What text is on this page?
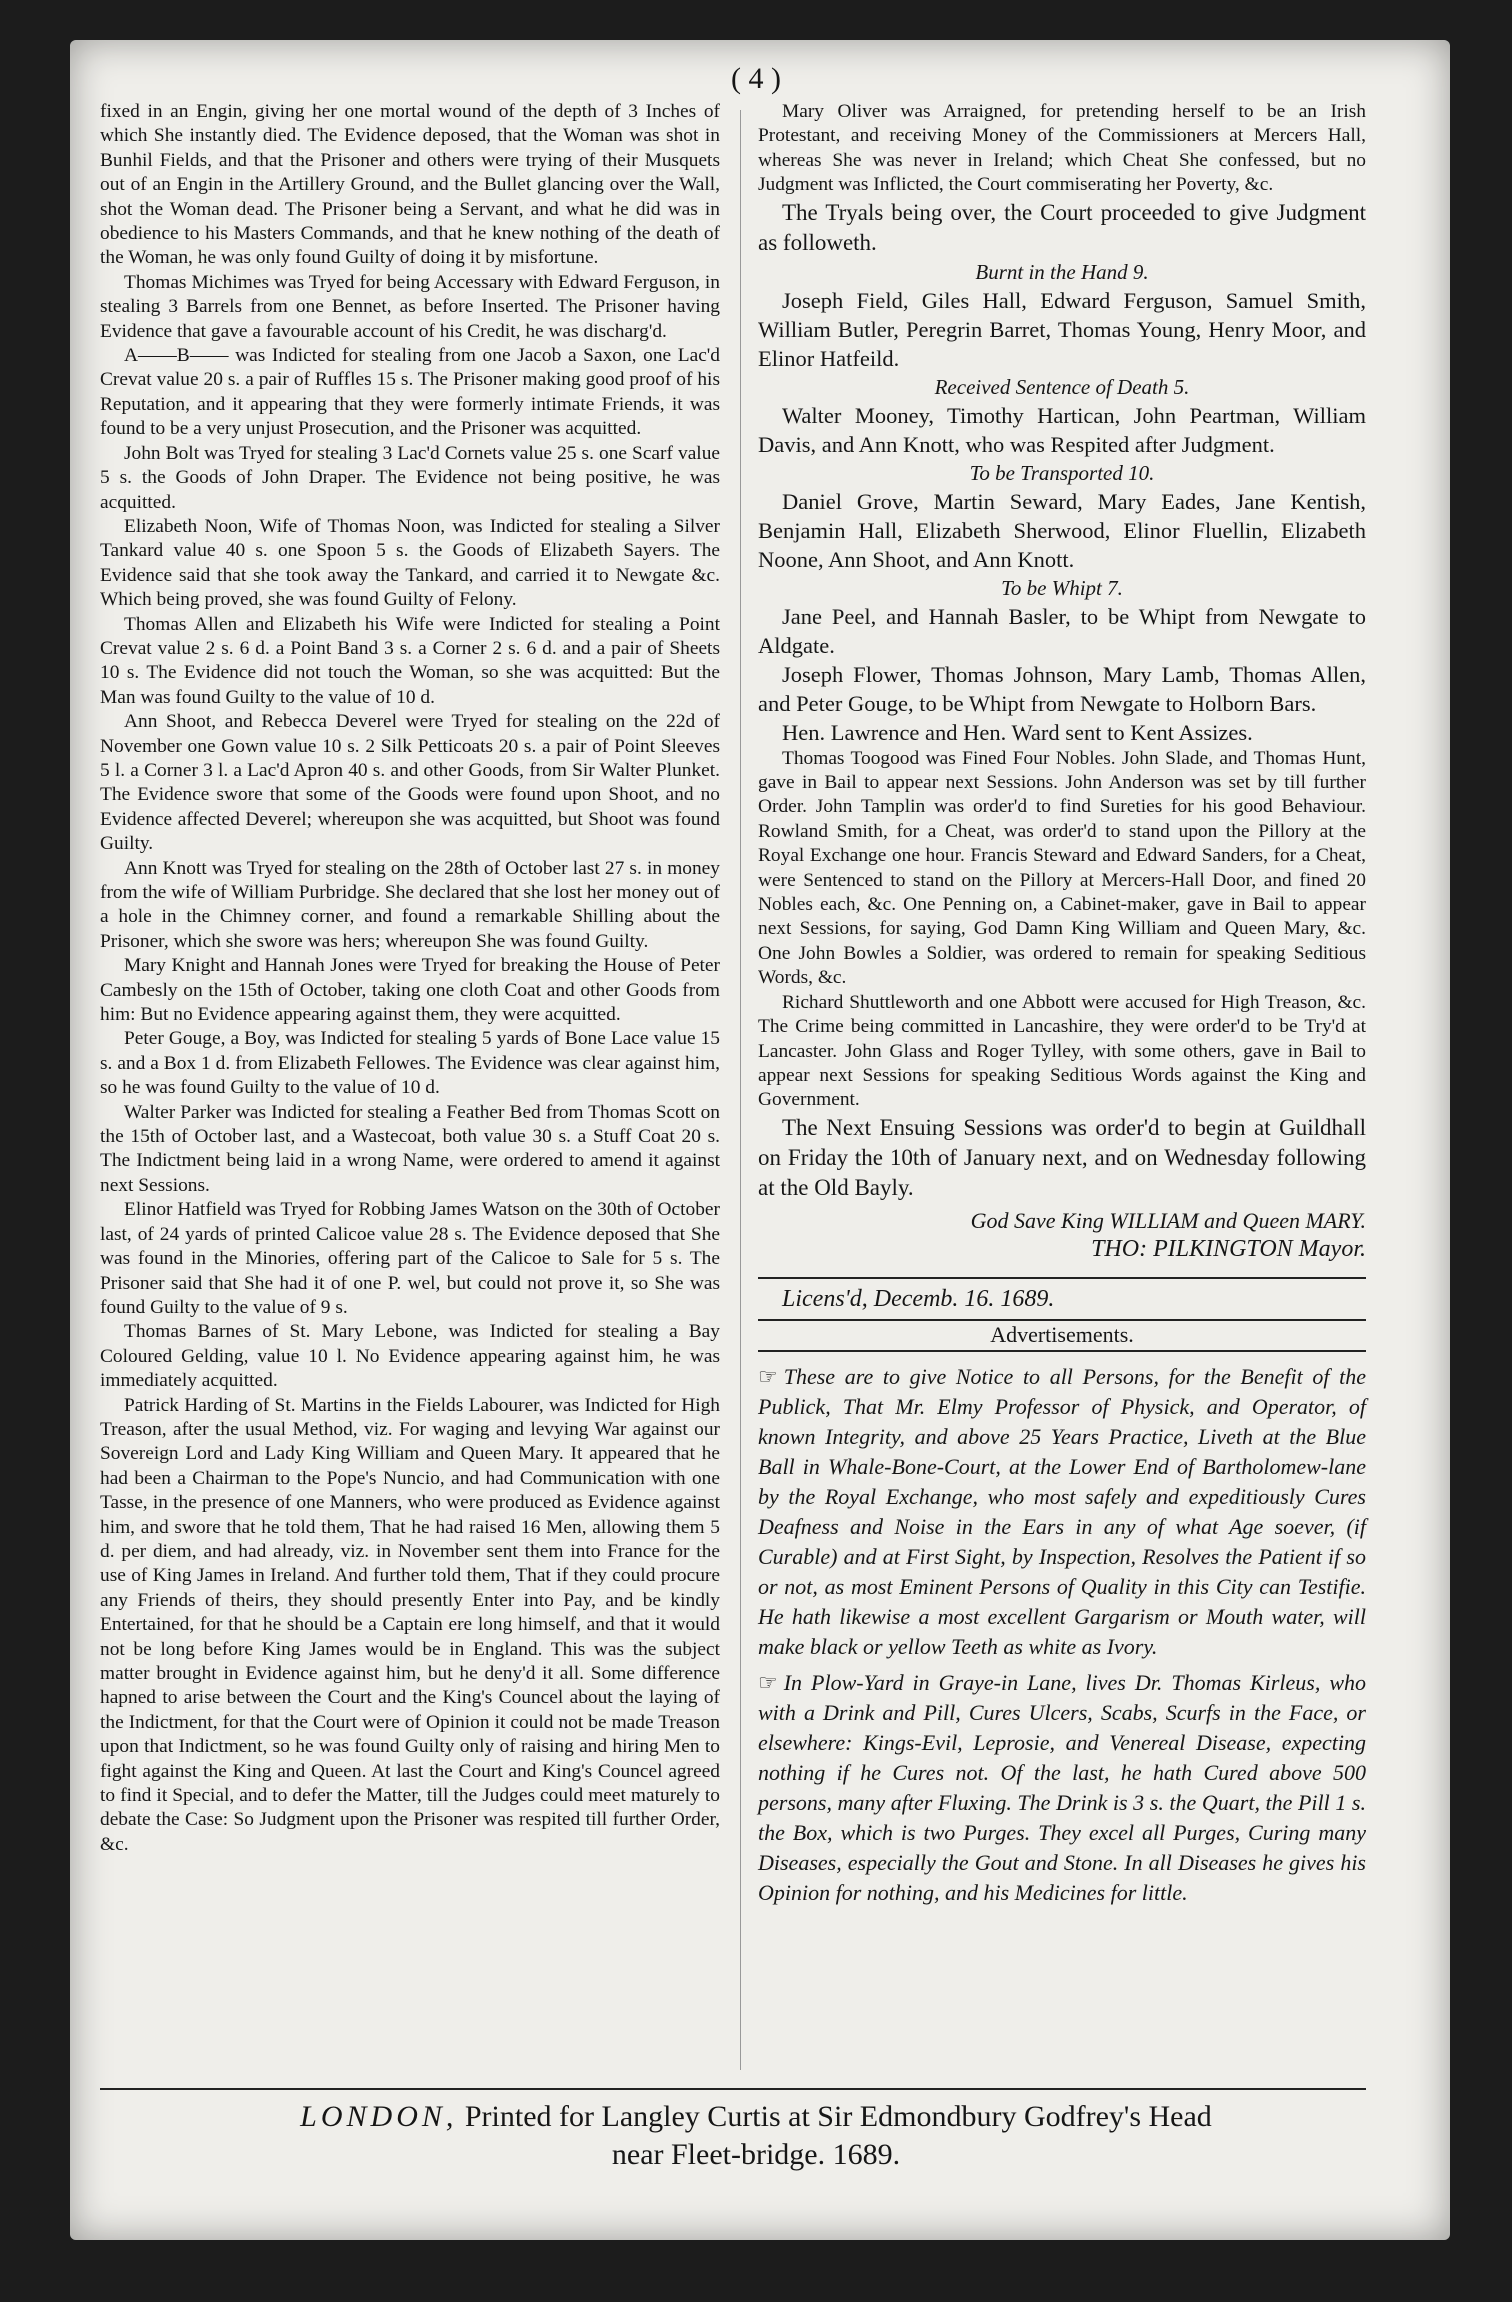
( 4 )

fixed in an Engin, giving her one mortal wound of the depth of 3 Inches of which She instantly died. The Evidence deposed, that the Woman was shot in Bunhil Fields, and that the Prisoner and others were trying of their Musquets out of an Engin in the Artillery Ground, and the Bullet glancing over the Wall, shot the Woman dead. The Prisoner being a Servant, and what he did was in obedience to his Masters Commands, and that he knew nothing of the death of the Woman, he was only found Guilty of doing it by misfortune.

Thomas Michimes was Tryed for being Accessary with Edward Ferguson, in stealing 3 Barrels from one Bennet, as before Inserted. The Prisoner having Evidence that gave a favourable account of his Credit, he was discharg'd.

A——B—— was Indicted for stealing from one Jacob a Saxon, one Lac'd Crevat value 20 s. a pair of Ruffles 15 s. The Prisoner making good proof of his Reputation, and it appearing that they were formerly intimate Friends, it was found to be a very unjust Prosecution, and the Prisoner was acquitted.

John Bolt was Tryed for stealing 3 Lac'd Cornets value 25 s. one Scarf value 5 s. the Goods of John Draper. The Evidence not being positive, he was acquitted.

Elizabeth Noon, Wife of Thomas Noon, was Indicted for stealing a Silver Tankard value 40 s. one Spoon 5 s. the Goods of Elizabeth Sayers. The Evidence said that she took away the Tankard, and carried it to Newgate &c. Which being proved, she was found Guilty of Felony.

Thomas Allen and Elizabeth his Wife were Indicted for stealing a Point Crevat value 2 s. 6 d. a Point Band 3 s. a Corner 2 s. 6 d. and a pair of Sheets 10 s. The Evidence did not touch the Woman, so she was acquitted: But the Man was found Guilty to the value of 10 d.

Ann Shoot, and Rebecca Deverel were Tryed for stealing on the 22d of November one Gown value 10 s. 2 Silk Petticoats 20 s. a pair of Point Sleeves 5 l. a Corner 3 l. a Lac'd Apron 40 s. and other Goods, from Sir Walter Plunket. The Evidence swore that some of the Goods were found upon Shoot, and no Evidence affected Deverel; whereupon she was acquitted, but Shoot was found Guilty.

Ann Knott was Tryed for stealing on the 28th of October last 27 s. in money from the wife of William Purbridge. She declared that she lost her money out of a hole in the Chimney corner, and found a remarkable Shilling about the Prisoner, which she swore was hers; whereupon She was found Guilty.

Mary Knight and Hannah Jones were Tryed for breaking the House of Peter Cambesly on the 15th of October, taking one cloth Coat and other Goods from him: But no Evidence appearing against them, they were acquitted.

Peter Gouge, a Boy, was Indicted for stealing 5 yards of Bone Lace value 15 s. and a Box 1 d. from Elizabeth Fellowes. The Evidence was clear against him, so he was found Guilty to the value of 10 d.

Walter Parker was Indicted for stealing a Feather Bed from Thomas Scott on the 15th of October last, and a Wastecoat, both value 30 s. a Stuff Coat 20 s. The Indictment being laid in a wrong Name, were ordered to amend it against next Sessions.

Elinor Hatfield was Tryed for Robbing James Watson on the 30th of October last, of 24 yards of printed Calicoe value 28 s. The Evidence deposed that She was found in the Minories, offering part of the Calicoe to Sale for 5 s. The Prisoner said that She had it of one P. wel, but could not prove it, so She was found Guilty to the value of 9 s.

Thomas Barnes of St. Mary Lebone, was Indicted for stealing a Bay Coloured Gelding, value 10 l. No Evidence appearing against him, he was immediately acquitted.

Patrick Harding of St. Martins in the Fields Labourer, was Indicted for High Treason, after the usual Method, viz. For waging and levying War against our Sovereign Lord and Lady King William and Queen Mary. It appeared that he had been a Chairman to the Pope's Nuncio, and had Communication with one Tasse, in the presence of one Manners, who were produced as Evidence against him, and swore that he told them, That he had raised 16 Men, allowing them 5 d. per diem, and had already, viz. in November sent them into France for the use of King James in Ireland. And further told them, That if they could procure any Friends of theirs, they should presently Enter into Pay, and be kindly Entertained, for that he should be a Captain ere long himself, and that it would not be long before King James would be in England. This was the subject matter brought in Evidence against him, but he deny'd it all. Some difference hapned to arise between the Court and the King's Councel about the laying of the Indictment, for that the Court were of Opinion it could not be made Treason upon that Indictment, so he was found Guilty only of raising and hiring Men to fight against the King and Queen. At last the Court and King's Councel agreed to find it Special, and to defer the Matter, till the Judges could meet maturely to debate the Case: So Judgment upon the Prisoner was respited till further Order, &c.

Mary Oliver was Arraigned, for pretending herself to be an Irish Protestant, and receiving Money of the Commissioners at Mercers Hall, whereas She was never in Ireland; which Cheat She confessed, but no Judgment was Inflicted, the Court commiserating her Poverty, &c.

The Tryals being over, the Court proceeded to give Judgment as followeth.

Burnt in the Hand 9.

Joseph Field, Giles Hall, Edward Ferguson, Samuel Smith, William Butler, Peregrin Barret, Thomas Young, Henry Moor, and Elinor Hatfeild.

Received Sentence of Death 5.

Walter Mooney, Timothy Hartican, John Peartman, William Davis, and Ann Knott, who was Respited after Judgment.

To be Transported 10.

Daniel Grove, Martin Seward, Mary Eades, Jane Kentish, Benjamin Hall, Elizabeth Sherwood, Elinor Fluellin, Elizabeth Noone, Ann Shoot, and Ann Knott.

To be Whipt 7.

Jane Peel, and Hannah Basler, to be Whipt from Newgate to Aldgate.

Joseph Flower, Thomas Johnson, Mary Lamb, Thomas Allen, and Peter Gouge, to be Whipt from Newgate to Holborn Bars.

Hen. Lawrence and Hen. Ward sent to Kent Assizes.

Thomas Toogood was Fined Four Nobles. John Slade, and Thomas Hunt, gave in Bail to appear next Sessions. John Anderson was set by till further Order. John Tamplin was order'd to find Sureties for his good Behaviour. Rowland Smith, for a Cheat, was order'd to stand upon the Pillory at the Royal Exchange one hour. Francis Steward and Edward Sanders, for a Cheat, were Sentenced to stand on the Pillory at Mercers-Hall Door, and fined 20 Nobles each, &c. One Penning on, a Cabinet-maker, gave in Bail to appear next Sessions, for saying, God Damn King William and Queen Mary, &c. One John Bowles a Soldier, was ordered to remain for speaking Seditious Words, &c.

Richard Shuttleworth and one Abbott were accused for High Treason, &c. The Crime being committed in Lancashire, they were order'd to be Try'd at Lancaster. John Glass and Roger Tylley, with some others, gave in Bail to appear next Sessions for speaking Seditious Words against the King and Government.

The Next Ensuing Sessions was order'd to begin at Guildhall on Friday the 10th of January next, and on Wednesday following at the Old Bayly.

God Save King WILLIAM and Queen MARY.

THO: PILKINGTON Mayor.

Licens'd, Decemb. 16. 1689.

Advertisements.

☞ These are to give Notice to all Persons, for the Benefit of the Publick, That Mr. Elmy Professor of Physick, and Operator, of known Integrity, and above 25 Years Practice, Liveth at the Blue Ball in Whale-Bone-Court, at the Lower End of Bartholomew-lane by the Royal Exchange, who most safely and expeditiously Cures Deafness and Noise in the Ears in any of what Age soever, (if Curable) and at First Sight, by Inspection, Resolves the Patient if so or not, as most Eminent Persons of Quality in this City can Testifie. He hath likewise a most excellent Gargarism or Mouth water, will make black or yellow Teeth as white as Ivory.

☞ In Plow-Yard in Graye-in Lane, lives Dr. Thomas Kirleus, who with a Drink and Pill, Cures Ulcers, Scabs, Scurfs in the Face, or elsewhere: Kings-Evil, Leprosie, and Venereal Disease, expecting nothing if he Cures not. Of the last, he hath Cured above 500 persons, many after Fluxing. The Drink is 3 s. the Quart, the Pill 1 s. the Box, which is two Purges. They excel all Purges, Curing many Diseases, especially the Gout and Stone. In all Diseases he gives his Opinion for nothing, and his Medicines for little.

LONDON, Printed for Langley Curtis at Sir Edmondbury Godfrey's Head
near Fleet-bridge. 1689.
